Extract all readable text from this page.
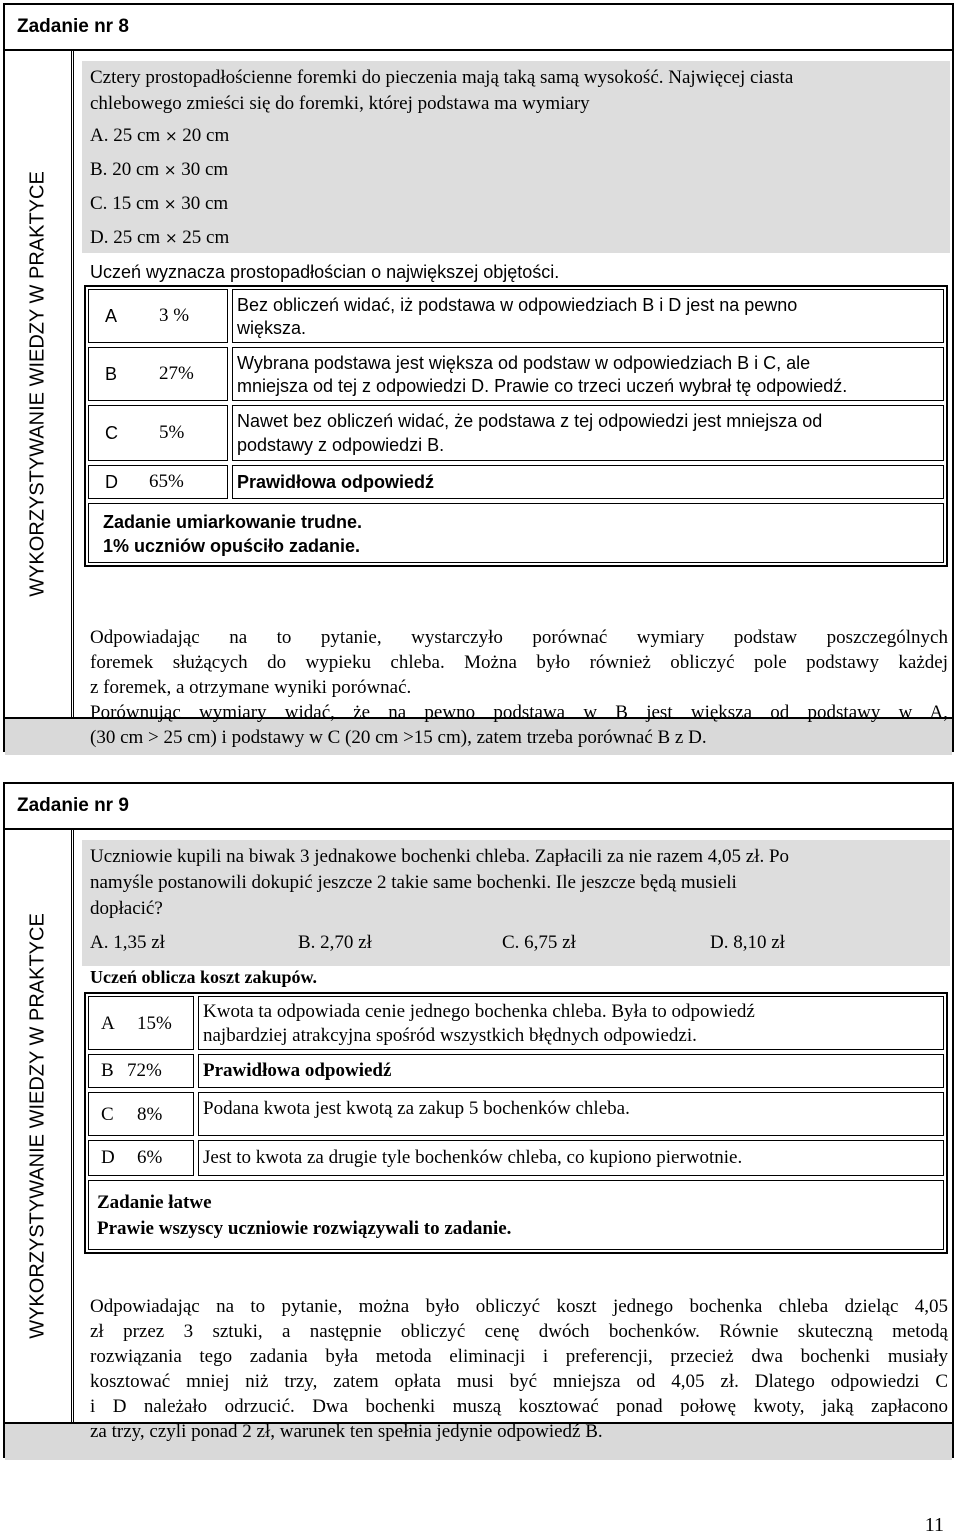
Zadanie nr 8
WYKORZYSTYWANIE WIEDZY W PRAKTYCE
Cztery prostopadłościenne foremki do pieczenia mają taką samą wysokość. Najwięcej ciasta
chlebowego zmieści się do foremki, której podstawa ma wymiary
A. 25 cm × 20 cm
B. 20 cm × 30 cm
C. 15 cm × 30 cm
D. 25 cm × 25 cm
Uczeń wyznacza prostopadłościan o największej objętości.
A 3 %	Bez obliczeń widać, iż podstawa w odpowiedziach B i D jest na pewno
większa.
B 27% Wybrana podstawa jest większa od podstaw w odpowiedziach B i C, ale
mniejsza od tej z odpowiedzi D. Prawie co trzeci uczeń wybrał tę odpowiedź.
C 5%
Nawet bez obliczeń widać, że podstawa z tej odpowiedzi jest mniejsza od
podstawy z odpowiedzi B.
D 65%	Prawidłowa odpowiedź
Zadanie umiarkowanie trudne.
1% uczniów opuściło zadanie.
Odpowiadając na to pytanie, wystarczyło porównać wymiary podstaw poszczególnych
foremek służących do wypieku chleba. Można było również obliczyć pole podstawy każdej
z foremek, a otrzymane wyniki porównać.
Porównując wymiary widać, że na pewno podstawa w B jest większa od podstawy w A,
(30 cm > 25 cm) i podstawy w C (20 cm >15 cm), zatem trzeba porównać B z D.
Zadanie nr 9
WYKORZYSTYWANIE WIEDZY W PRAKTYCE
Uczniowie kupili na biwak 3 jednakowe bochenki chleba. Zapłacili za nie razem 4,05 zł. Po
namyśle postanowili dokupić jeszcze 2 takie same bochenki. Ile jeszcze będą musieli
dopłacić?
A. 1,35 zł	B. 2,70 zł	C. 6,75 zł	D. 8,10 zł
Uczeń oblicza koszt zakupów.
A 15%
Kwota ta odpowiada cenie jednego bochenka chleba. Była to odpowiedź
najbardziej atrakcyjna spośród wszystkich błędnych odpowiedzi.
B 72% Prawidłowa odpowiedź
C 8% Podana kwota jest kwotą za zakup 5 bochenków chleba.
D 6% Jest to kwota za drugie tyle bochenków chleba, co kupiono pierwotnie.
Zadanie łatwe
Prawie wszyscy uczniowie rozwiązywali to zadanie.
Odpowiadając na to pytanie, można było obliczyć koszt jednego bochenka chleba dzieląc 4,05
zł przez 3 sztuki, a następnie obliczyć cenę dwóch bochenków. Równie skuteczną metodą
rozwiązania tego zadania była metoda eliminacji i preferencji, przecież dwa bochenki musiały
kosztować mniej niż trzy, zatem opłata musi być mniejsza od 4,05 zł. Dlatego odpowiedzi C
i D należało odrzucić. Dwa bochenki muszą kosztować ponad połowę kwoty, jaką zapłacono
za trzy, czyli ponad 2 zł, warunek ten spełnia jedynie odpowiedź B.
11
